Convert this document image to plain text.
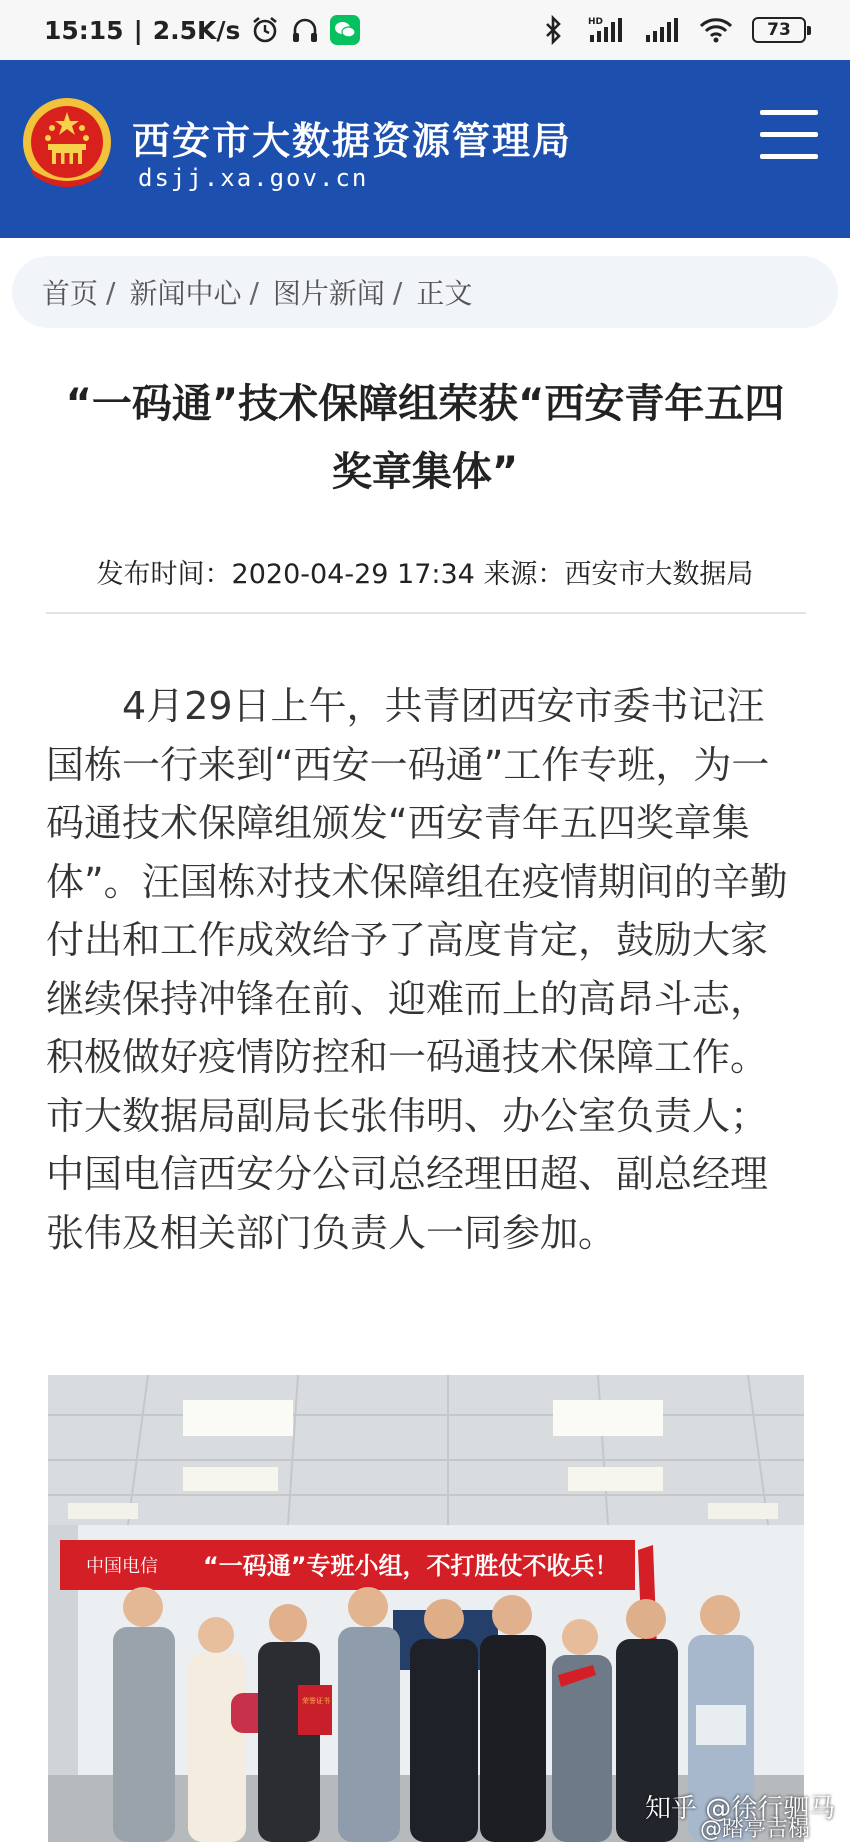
15:15 | 2.5K/s	HD	73
西安市大数据资源管理局
dsjj.xa.gov.cn
首页 / 新闻中心 / 图片新闻 / 正文
“一码通”技术保障组荣获“西安青年五四
奖章集体”
发布时间：2020-04-29 17:34 来源：西安市大数据局
　　4月29日上午，共青团西安市委书记汪
国栋一行来到“西安一码通”工作专班，为一
码通技术保障组颁发“西安青年五四奖章集
体”。汪国栋对技术保障组在疫情期间的辛勤
付出和工作成效给予了高度肯定，鼓励大家
继续保持冲锋在前、迎难而上的高昂斗志，
积极做好疫情防控和一码通技术保障工作。
市大数据局副局长张伟明、办公室负责人；
中国电信西安分公司总经理田超、副总经理
张伟及相关部门负责人一同参加。
中国电信 “一码通”专班小组，不打胜仗不收兵！
荣誉证书
知乎 @徐行驷马
@踏亭吉榻
